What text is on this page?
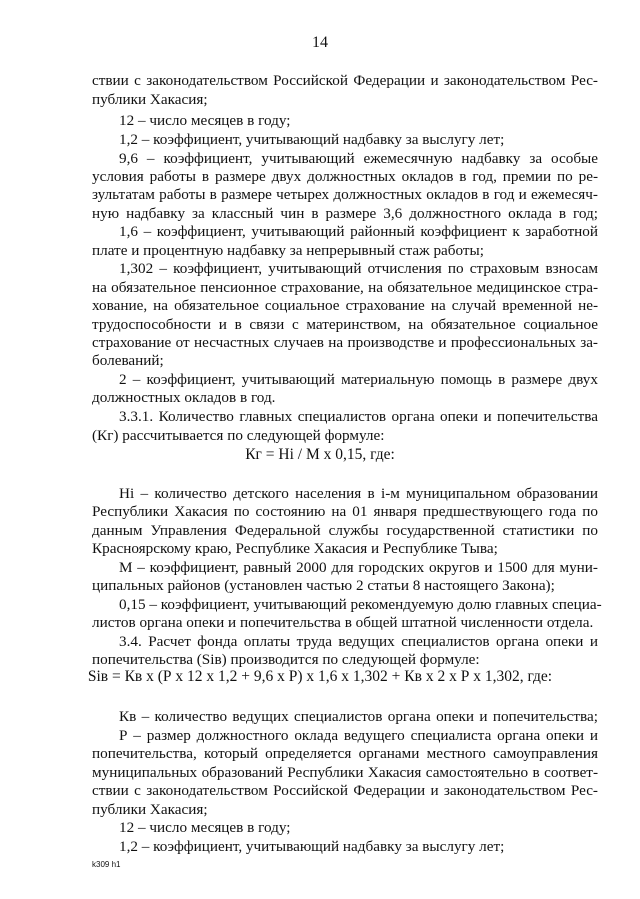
14
ствии с законодательством Российской Федерации и законодательством Рес-
публики Хакасия;
12 – число месяцев в году;
1,2 – коэффициент, учитывающий надбавку за выслугу лет;
9,6 – коэффициент, учитывающий ежемесячную надбавку за особые
условия работы в размере двух должностных окладов в год, премии по ре-
зультатам работы в размере четырех должностных окладов в год и ежемесяч-
ную надбавку за классный чин в размере 3,6 должностного оклада в год;
1,6 – коэффициент, учитывающий районный коэффициент к заработной
плате и процентную надбавку за непрерывный стаж работы;
1,302 – коэффициент, учитывающий отчисления по страховым взносам
на обязательное пенсионное страхование, на обязательное медицинское стра-
хование, на обязательное социальное страхование на случай временной не-
трудоспособности и в связи с материнством, на обязательное социальное
страхование от несчастных случаев на производстве и профессиональных за-
болеваний;
2 – коэффициент, учитывающий материальную помощь в размере двух
должностных окладов в год.
3.3.1. Количество главных специалистов органа опеки и попечительства
(Кг) рассчитывается по следующей формуле:
Нi – количество детского населения в i-м муниципальном образовании
Республики Хакасия по состоянию на 01 января предшествующего года по
данным Управления Федеральной службы государственной статистики по
Красноярскому краю, Республике Хакасия и Республике Тыва;
М – коэффициент, равный 2000 для городских округов и 1500 для муни-
ципальных районов (установлен частью 2 статьи 8 настоящего Закона);
0,15 – коэффициент, учитывающий рекомендуемую долю главных специа-
листов органа опеки и попечительства в общей штатной численности отдела.
3.4. Расчет фонда оплаты труда ведущих специалистов органа опеки и
попечительства (Siв) производится по следующей формуле:
Кв – количество ведущих специалистов органа опеки и попечительства;
Р – размер должностного оклада ведущего специалиста органа опеки и
попечительства, который определяется органами местного самоуправления
муниципальных образований Республики Хакасия самостоятельно в соответ-
ствии с законодательством Российской Федерации и законодательством Рес-
публики Хакасия;
12 – число месяцев в году;
1,2 – коэффициент, учитывающий надбавку за выслугу лет;
Кг = Нi / М х 0,15, где:
Siв = Кв х (Р х 12 х 1,2 + 9,6 х Р) х 1,6 х 1,302 + Кв х 2 х Р х 1,302, где:
k309 h1
